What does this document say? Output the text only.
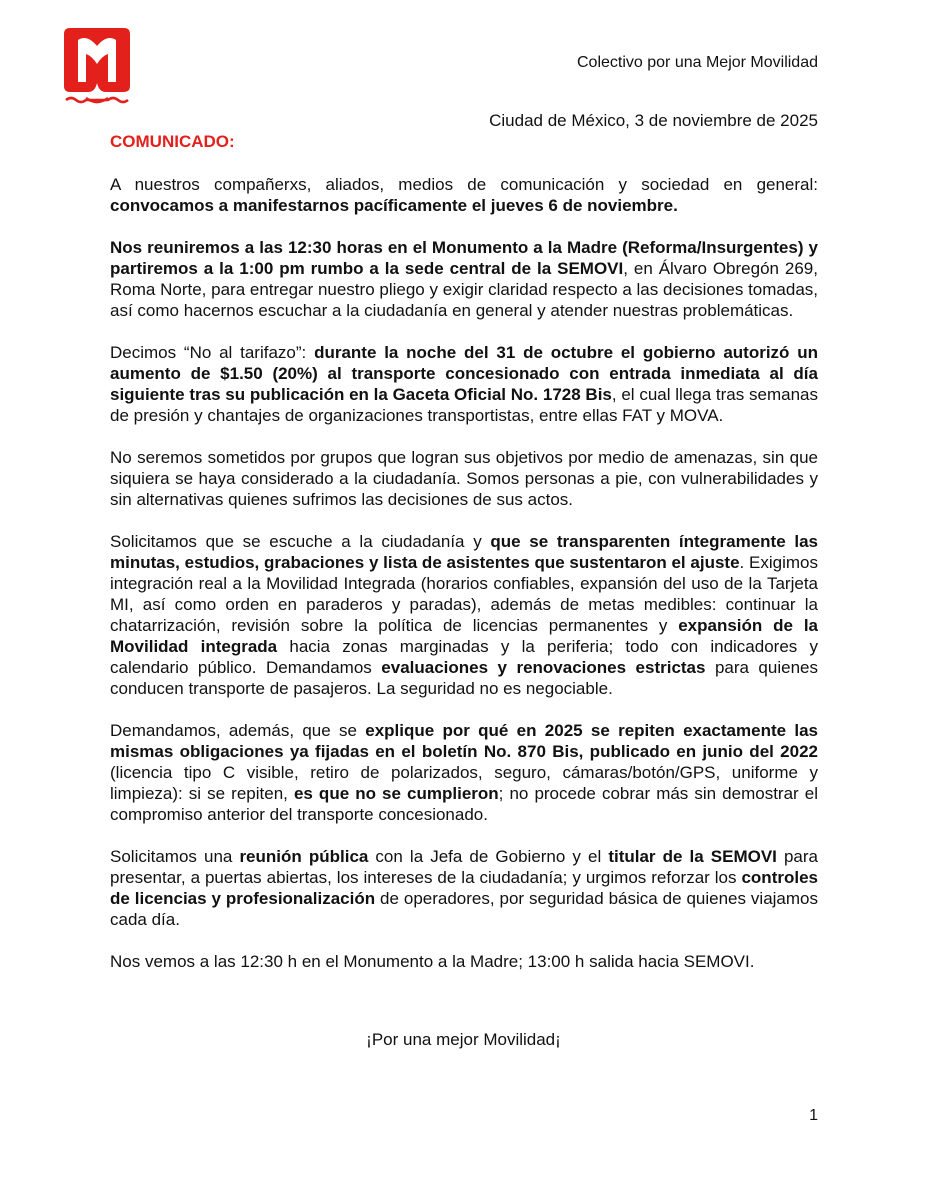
Colectivo por una Mejor Movilidad
Ciudad de México, 3 de noviembre de 2025
COMUNICADO:

A nuestros compañerxs, aliados, medios de comunicación y sociedad en general: convocamos a manifestarnos pacíficamente el jueves 6 de noviembre.

Nos reuniremos a las 12:30 horas en el Monumento a la Madre (Reforma/Insurgentes) y partiremos a la 1:00 pm rumbo a la sede central de la SEMOVI, en Álvaro Obregón 269, Roma Norte, para entregar nuestro pliego y exigir claridad respecto a las decisiones tomadas, así como hacernos escuchar a la ciudadanía en general y atender nuestras problemáticas.

Decimos “No al tarifazo”: durante la noche del 31 de octubre el gobierno autorizó un aumento de $1.50 (20%) al transporte concesionado con entrada inmediata al día siguiente tras su publicación en la Gaceta Oficial No. 1728 Bis, el cual llega tras semanas de presión y chantajes de organizaciones transportistas, entre ellas FAT y MOVA.

No seremos sometidos por grupos que logran sus objetivos por medio de amenazas, sin que siquiera se haya considerado a la ciudadanía. Somos personas a pie, con vulnerabilidades y sin alternativas quienes sufrimos las decisiones de sus actos.

Solicitamos que se escuche a la ciudadanía y que se transparenten íntegramente las minutas, estudios, grabaciones y lista de asistentes que sustentaron el ajuste. Exigimos integración real a la Movilidad Integrada (horarios confiables, expansión del uso de la Tarjeta MI, así como orden en paraderos y paradas), además de metas medibles: continuar la chatarrización, revisión sobre la política de licencias permanentes y expansión de la Movilidad integrada hacia zonas marginadas y la periferia; todo con indicadores y calendario público. Demandamos evaluaciones y renovaciones estrictas para quienes conducen transporte de pasajeros. La seguridad no es negociable.

Demandamos, además, que se explique por qué en 2025 se repiten exactamente las mismas obligaciones ya fijadas en el boletín No. 870 Bis, publicado en junio del 2022 (licencia tipo C visible, retiro de polarizados, seguro, cámaras/botón/GPS, uniforme y limpieza): si se repiten, es que no se cumplieron; no procede cobrar más sin demostrar el compromiso anterior del transporte concesionado.

Solicitamos una reunión pública con la Jefa de Gobierno y el titular de la SEMOVI para presentar, a puertas abiertas, los intereses de la ciudadanía; y urgimos reforzar los controles de licencias y profesionalización de operadores, por seguridad básica de quienes viajamos cada día.

Nos vemos a las 12:30 h en el Monumento a la Madre; 13:00 h salida hacia SEMOVI.

¡Por una mejor Movilidad¡
1
